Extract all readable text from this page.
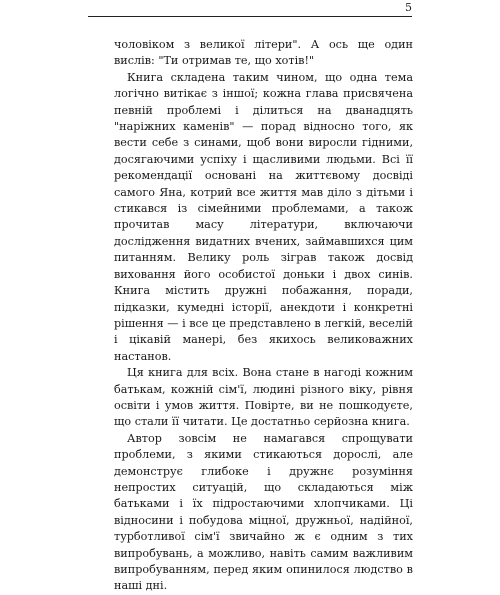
5

чоловіком з великої літери". А ось ще один вислів: "Ти отримав те, що хотів!"

Книга складена таким чином, що одна тема логічно витікає з іншої; кожна глава присвячена певній проблемі і ділиться на дванадцять "наріжних каменів" — порад відносно того, як вести себе з синами, щоб вони виросли гідними, досягаючими успіху і щасливими людьми. Всі її рекомендації основані на життєвому досвіді самого Яна, котрий все життя мав діло з дітьми і стикався із сімейними проблемами, а також прочитав масу літератури, включаючи дослідження видатних вчених, займавшихся цим питанням. Велику роль зіграв також досвід виховання його особистої доньки і двох синів. Книга містить дружні побажання, поради, підказки, кумедні історії, анекдоти і конкретні рішення — і все це представлено в легкій, веселій і цікавій манері, без якихось великоважних настанов.

Ця книга для всіх. Вона стане в нагоді кожним батькам, кожній сім'ї, людині різного віку, рівня освіти і умов життя. Повірте, ви не пошкодуєте, що стали її читати. Це достатньо серйозна книга.

Автор зовсім не намагався спрощувати проблеми, з якими стикаються дорослі, але демонструє глибоке і дружнє розуміння непростих ситуацій, що складаються між батьками і їх підростаючими хлопчиками. Ці відносини і побудова міцної, дружньої, надійної, турботливої сім'ї звичайно ж є одним з тих випробувань, а можливо, навіть самим важливим випробуванням, перед яким опинилося людство в наші дні.
